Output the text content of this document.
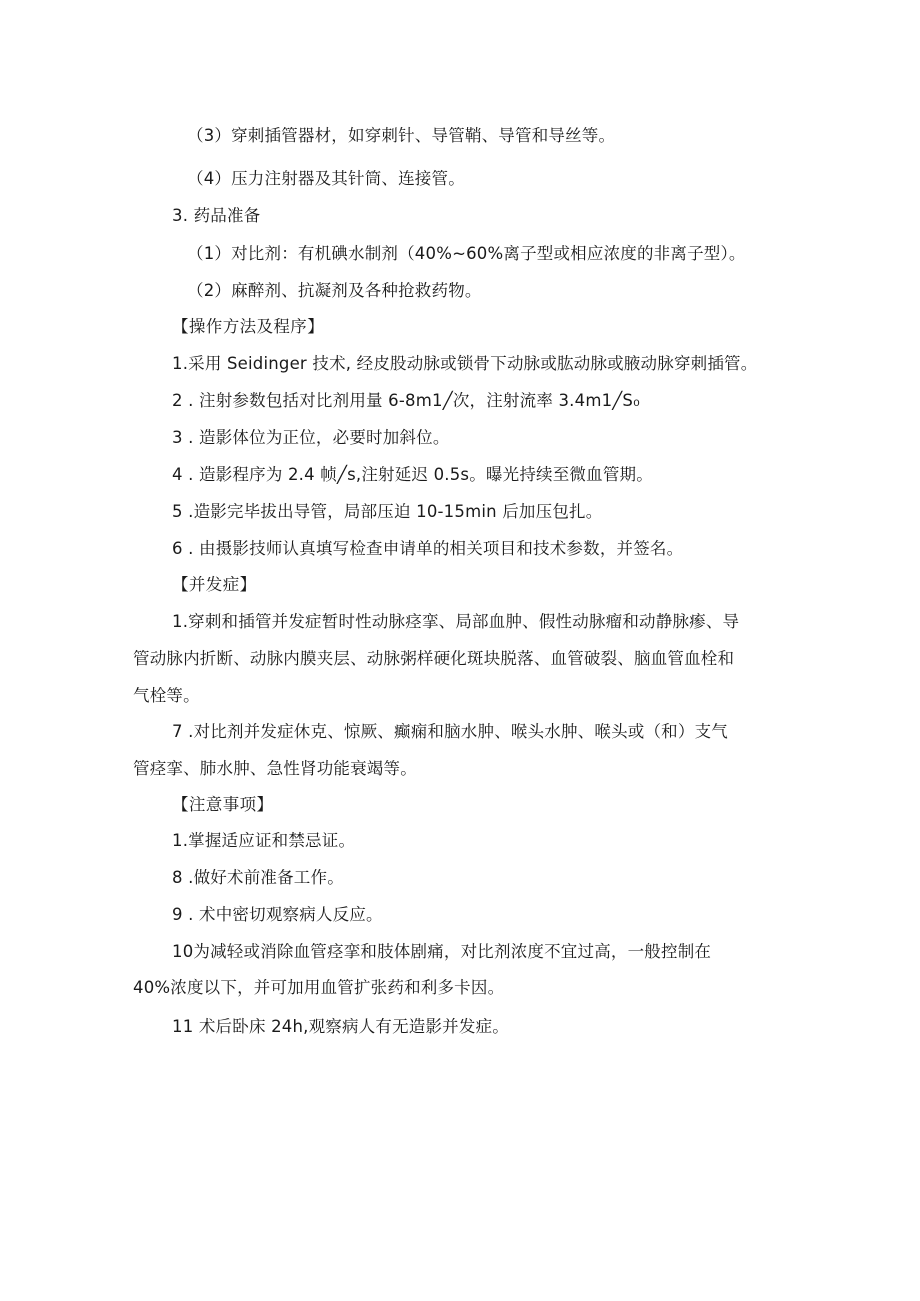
（3）穿刺插管器材，如穿刺针、导管鞘、导管和导丝等。
（4）压力注射器及其针筒、连接管。
3. 药品准备
（1）对比剂：有机碘水制剂（40%~60%离子型或相应浓度的非离子型）。
（2）麻醉剂、抗凝剂及各种抢救药物。
【操作方法及程序】
1.采用 Seidinger 技术, 经皮股动脉或锁骨下动脉或肱动脉或腋动脉穿刺插管。
2 . 注射参数包括对比剂用量 6-8m1╱次，注射流率 3.4m1╱S₀
3 . 造影体位为正位，必要时加斜位。
4 . 造影程序为 2.4 帧╱s,注射延迟 0.5s。曝光持续至微血管期。
5 .造影完毕拔出导管，局部压迫 10-15min 后加压包扎。
6 . 由摄影技师认真填写检查申请单的相关项目和技术参数，并签名。
【并发症】
1.穿刺和插管并发症暂时性动脉痉挛、局部血肿、假性动脉瘤和动静脉瘆、导
管动脉内折断、动脉内膜夹层、动脉粥样硬化斑块脱落、血管破裂、脑血管血栓和
气栓等。
7 .对比剂并发症休克、惊厥、癫痫和脑水肿、喉头水肿、喉头或（和）支气
管痉挛、肺水肿、急性肾功能衰竭等。
【注意事项】
1.掌握适应证和禁忌证。
8 .做好术前准备工作。
9 . 术中密切观察病人反应。
10为减轻或消除血管痉挛和肢体剧痛，对比剂浓度不宜过高，一般控制在
40%浓度以下，并可加用血管扩张药和利多卡因。
11 术后卧床 24h,观察病人有无造影并发症。
